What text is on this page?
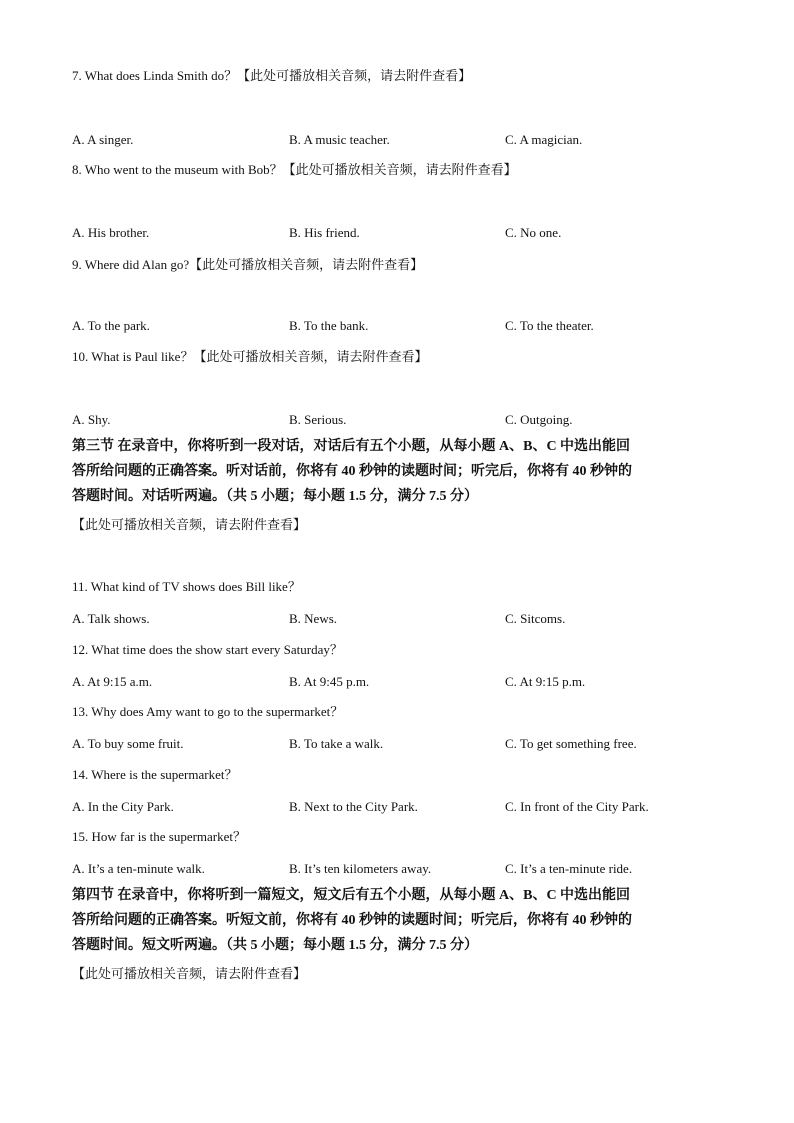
7. What does Linda Smith do？【此处可播放相关音频，请去附件查看】
A. A singer.	B. A music teacher.	C. A magician.
8. Who went to the museum with Bob？【此处可播放相关音频，请去附件查看】
A. His brother.	B. His friend.	C. No one.
9. Where did Alan go?【此处可播放相关音频，请去附件查看】
A. To the park.	B. To the bank.	C. To the theater.
10. What is Paul like？【此处可播放相关音频，请去附件查看】
A. Shy.	B. Serious.	C. Outgoing.
第三节 在录音中，你将听到一段对话，对话后有五个小题，从每小题 A、B、C 中选出能回
答所给问题的正确答案。听对话前，你将有 40 秒钟的读题时间；听完后，你将有 40 秒钟的
答题时间。对话听两遍。（共 5 小题；每小题 1.5 分，满分 7.5 分）
【此处可播放相关音频，请去附件查看】
11. What kind of TV shows does Bill like？
A. Talk shows.	B. News.	C. Sitcoms.
12. What time does the show start every Saturday？
A. At 9:15 a.m.	B. At 9:45 p.m.	C. At 9:15 p.m.
13. Why does Amy want to go to the supermarket？
A. To buy some fruit.	B. To take a walk.	C. To get something free.
14. Where is the supermarket？
A. In the City Park.	B. Next to the City Park.	C. In front of the City Park.
15. How far is the supermarket？
A. It’s a ten-minute walk.	B. It’s ten kilometers away.	C. It’s a ten-minute ride.
第四节 在录音中，你将听到一篇短文，短文后有五个小题，从每小题 A、B、C 中选出能回
答所给问题的正确答案。听短文前，你将有 40 秒钟的读题时间；听完后，你将有 40 秒钟的
答题时间。短文听两遍。（共 5 小题；每小题 1.5 分，满分 7.5 分）
【此处可播放相关音频，请去附件查看】
